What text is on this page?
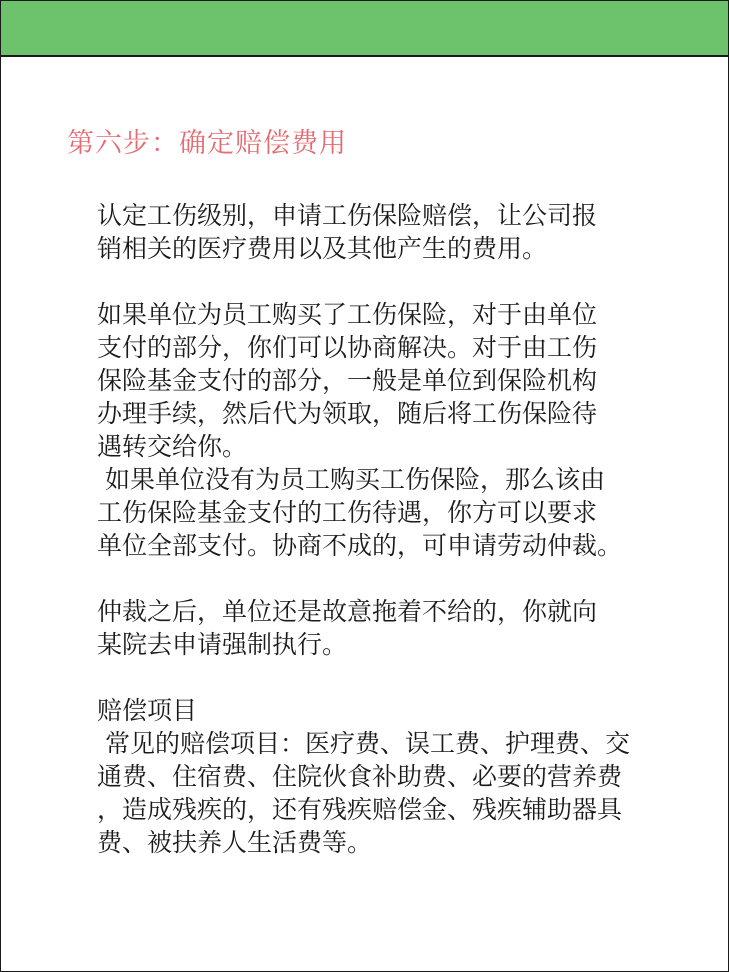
第六步：确定赔偿费用
认定工伤级别，申请工伤保险赔偿，让公司报
销相关的医疗费用以及其他产生的费用。
如果单位为员工购买了工伤保险，对于由单位
支付的部分，你们可以协商解决。对于由工伤
保险基金支付的部分，一般是单位到保险机构
办理手续，然后代为领取，随后将工伤保险待
遇转交给你。
如果单位没有为员工购买工伤保险，那么该由
工伤保险基金支付的工伤待遇，你方可以要求
单位全部支付。协商不成的，可申请劳动仲裁。
仲裁之后，单位还是故意拖着不给的，你就向
某院去申请强制执行。
赔偿项目
常见的赔偿项目：医疗费、误工费、护理费、交
通费、住宿费、住院伙食补助费、必要的营养费
，造成残疾的，还有残疾赔偿金、残疾辅助器具
费、被扶养人生活费等。
